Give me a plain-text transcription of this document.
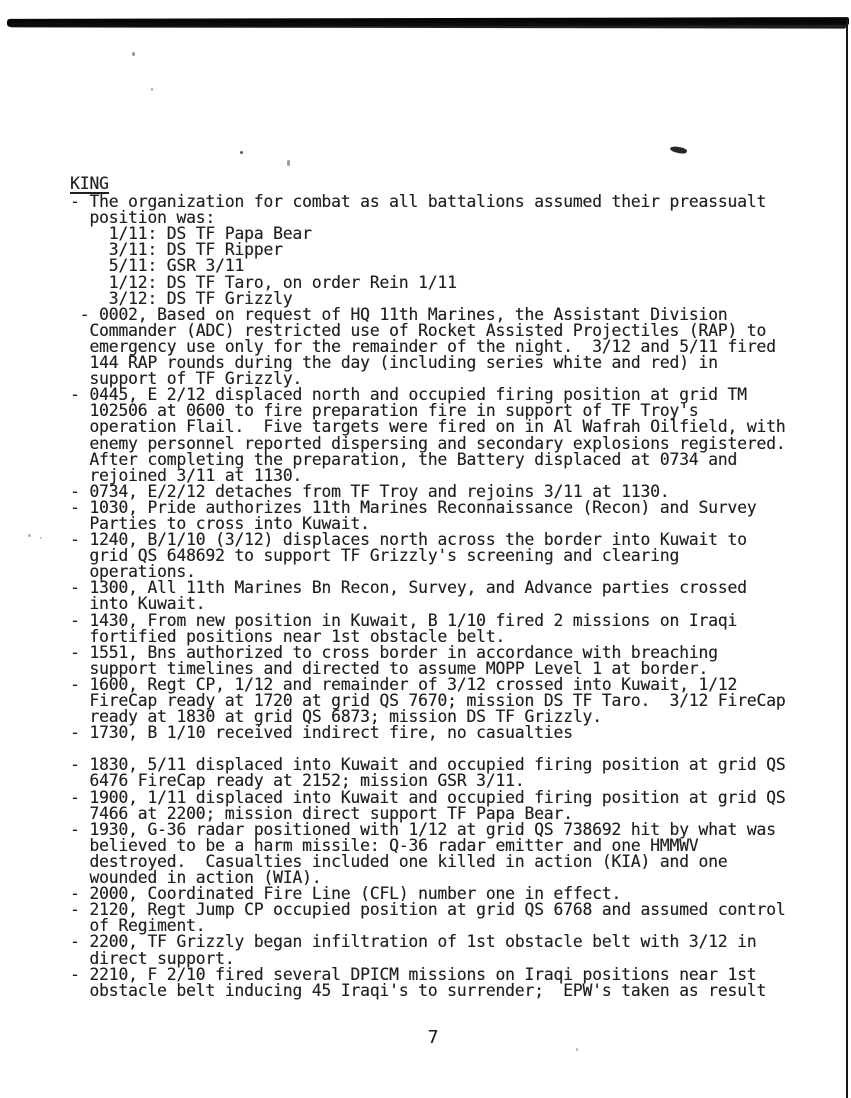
KING
- The organization for combat as all battalions assumed their preassualt
position was:
1/11: DS TF Papa Bear
3/11: DS TF Ripper
5/11: GSR 3/11
1/12: DS TF Taro, on order Rein 1/11
3/12: DS TF Grizzly
- 0002, Based on request of HQ 11th Marines, the Assistant Division
Commander (ADC) restricted use of Rocket Assisted Projectiles (RAP) to
emergency use only for the remainder of the night.  3/12 and 5/11 fired
144 RAP rounds during the day (including series white and red) in
support of TF Grizzly.
- 0445, E 2/12 displaced north and occupied firing position at grid TM
102506 at 0600 to fire preparation fire in support of TF Troy's
operation Flail.  Five targets were fired on in Al Wafrah Oilfield, with
enemy personnel reported dispersing and secondary explosions registered.
After completing the preparation, the Battery displaced at 0734 and
rejoined 3/11 at 1130.
- 0734, E/2/12 detaches from TF Troy and rejoins 3/11 at 1130.
- 1030, Pride authorizes 11th Marines Reconnaissance (Recon) and Survey
Parties to cross into Kuwait.
- 1240, B/1/10 (3/12) displaces north across the border into Kuwait to
grid QS 648692 to support TF Grizzly's screening and clearing
operations.
- 1300, All 11th Marines Bn Recon, Survey, and Advance parties crossed
into Kuwait.
- 1430, From new position in Kuwait, B 1/10 fired 2 missions on Iraqi
fortified positions near 1st obstacle belt.
- 1551, Bns authorized to cross border in accordance with breaching
support timelines and directed to assume MOPP Level 1 at border.
- 1600, Regt CP, 1/12 and remainder of 3/12 crossed into Kuwait, 1/12
FireCap ready at 1720 at grid QS 7670; mission DS TF Taro.  3/12 FireCap
ready at 1830 at grid QS 6873; mission DS TF Grizzly.
- 1730, B 1/10 received indirect fire, no casualties
- 1830, 5/11 displaced into Kuwait and occupied firing position at grid QS
6476 FireCap ready at 2152; mission GSR 3/11.
- 1900, 1/11 displaced into Kuwait and occupied firing position at grid QS
7466 at 2200; mission direct support TF Papa Bear.
- 1930, G-36 radar positioned with 1/12 at grid QS 738692 hit by what was
believed to be a harm missile: Q-36 radar emitter and one HMMWV
destroyed.  Casualties included one killed in action (KIA) and one
wounded in action (WIA).
- 2000, Coordinated Fire Line (CFL) number one in effect.
- 2120, Regt Jump CP occupied position at grid QS 6768 and assumed control
of Regiment.
- 2200, TF Grizzly began infiltration of 1st obstacle belt with 3/12 in
direct support.
- 2210, F 2/10 fired several DPICM missions on Iraqi positions near 1st
obstacle belt inducing 45 Iraqi's to surrender;  EPW's taken as result
7
